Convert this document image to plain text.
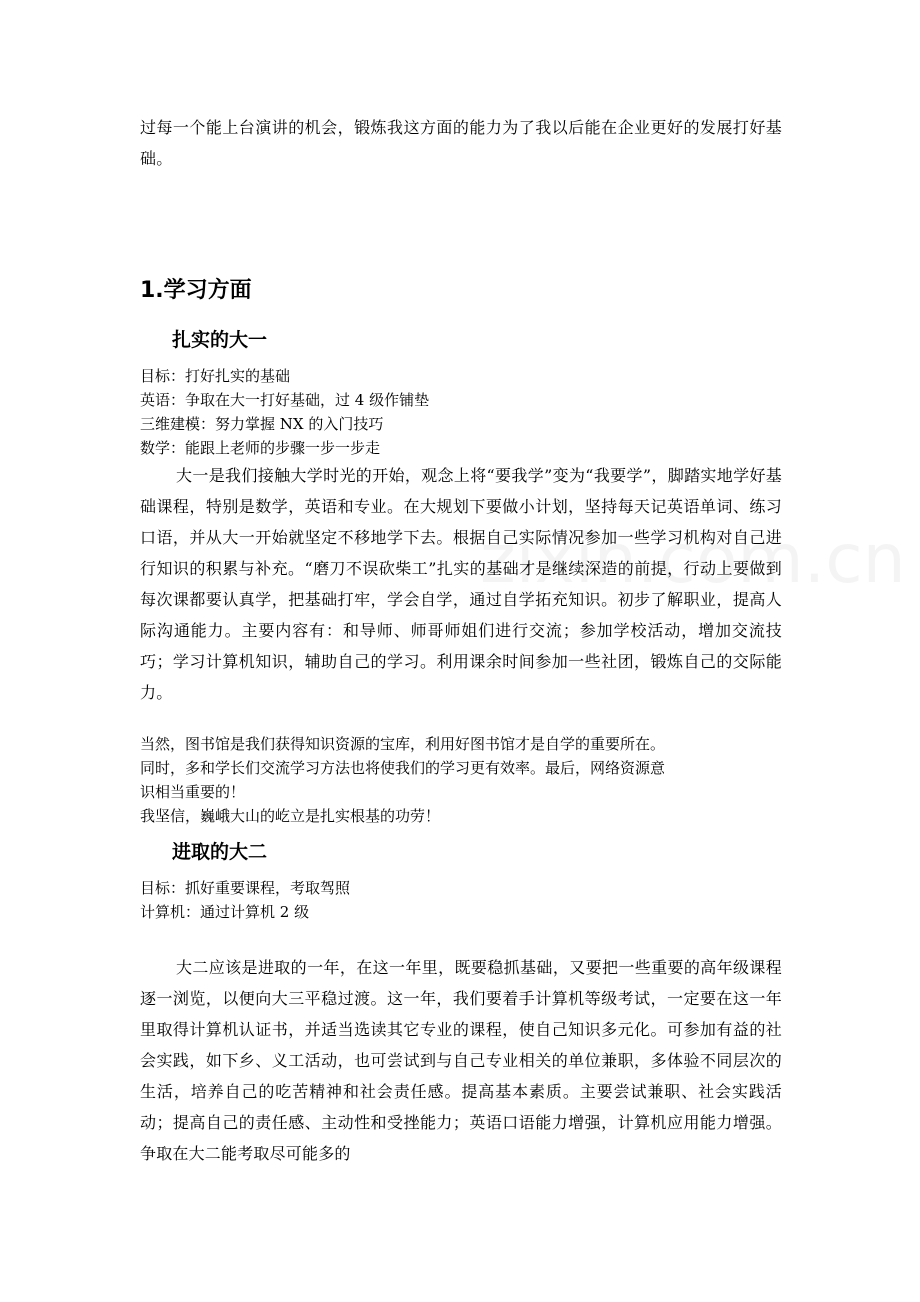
过每一个能上台演讲的机会，锻炼我这方面的能力为了我以后能在企业更好的发展打好基础。
1.学习方面
扎实的大一
目标：打好扎实的基础
英语：争取在大一打好基础，过 4 级作铺垫
三维建模：努力掌握 NX 的入门技巧
数学：能跟上老师的步骤一步一步走
大一是我们接触大学时光的开始，观念上将“要我学”变为“我要学”，脚踏实地学好基础课程，特别是数学，英语和专业。在大规划下要做小计划，坚持每天记英语单词、练习口语，并从大一开始就坚定不移地学下去。根据自己实际情况参加一些学习机构对自己进行知识的积累与补充。“磨刀不误砍柴工”扎实的基础才是继续深造的前提，行动上要做到每次课都要认真学，把基础打牢，学会自学，通过自学拓充知识。初步了解职业，提高人际沟通能力。主要内容有：和导师、师哥师姐们进行交流；参加学校活动，增加交流技巧；学习计算机知识，辅助自己的学习。利用课余时间参加一些社团，锻炼自己的交际能力。
当然，图书馆是我们获得知识资源的宝库，利用好图书馆才是自学的重要所在。
同时，多和学长们交流学习方法也将使我们的学习更有效率。最后，网络资源意
识相当重要的！
我坚信，巍峨大山的屹立是扎实根基的功劳！
进取的大二
目标：抓好重要课程，考取驾照
计算机：通过计算机 2 级
大二应该是进取的一年，在这一年里，既要稳抓基础，又要把一些重要的高年级课程逐一浏览，以便向大三平稳过渡。这一年，我们要着手计算机等级考试，一定要在这一年里取得计算机认证书，并适当选读其它专业的课程，使自己知识多元化。可参加有益的社会实践，如下乡、义工活动，也可尝试到与自己专业相关的单位兼职，多体验不同层次的生活，培养自己的吃苦精神和社会责任感。提高基本素质。主要尝试兼职、社会实践活动；提高自己的责任感、主动性和受挫能力；英语口语能力增强，计算机应用能力增强。争取在大二能考取尽可能多的
